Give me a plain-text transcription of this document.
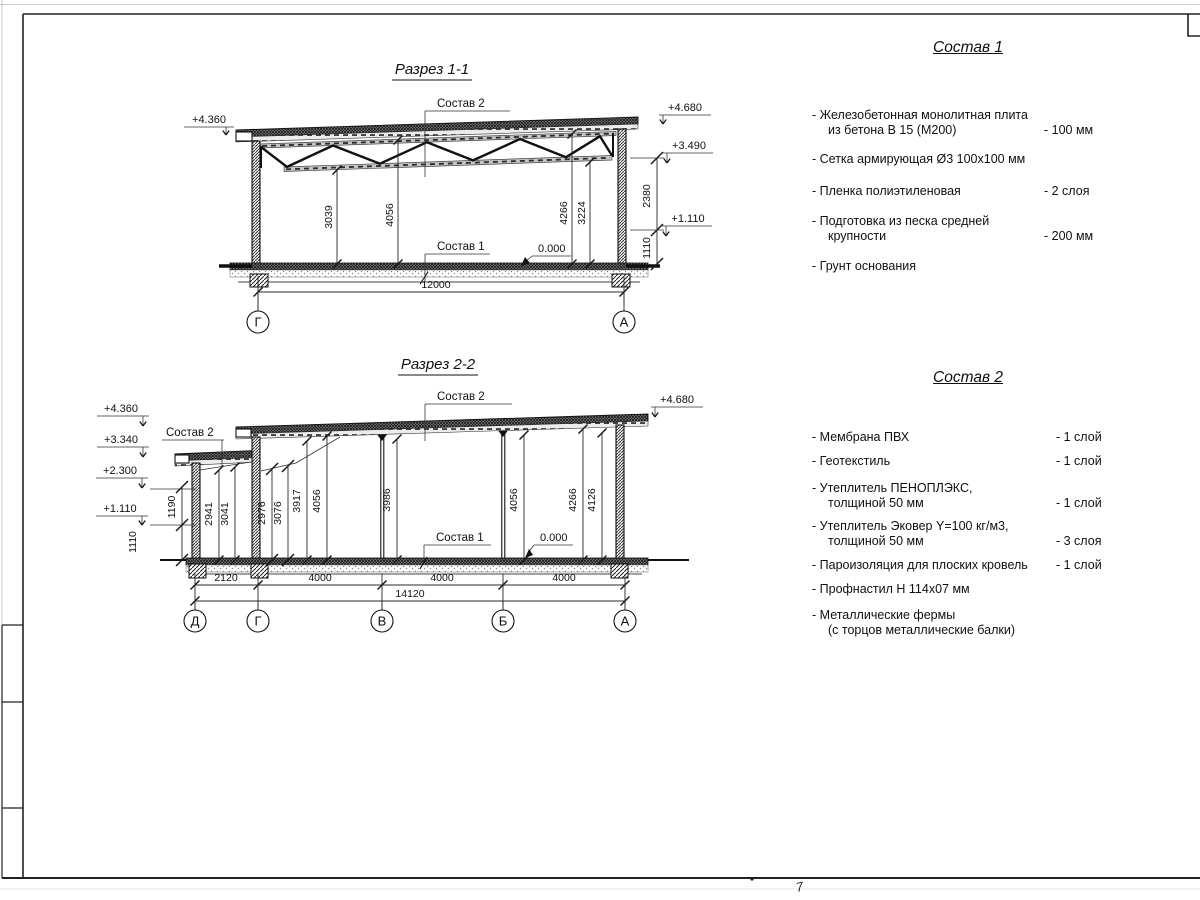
7
Разрез 1-1
Состав 2
Состав 1	0.000
Разрез 2-2
Состав 2
Состав 2
Состав 1	0.000
3039	4056	4266 3224
2380
1110
12000
1190
1110
2941 3041 2976 3076
3917 4056	3986	4056	4266 4126
2120	4000	4000	4000
14120
Г	А
Д	Г	В	Б	А
+4.360
+4.680
+3.490
+1.110
+4.360
+3.340
+2.300
+1.110
+4.680
Состав 1
- Железобетонная монолитная плита
из бетона В 15 (М200)	- 100 мм
- Сетка армирующая Ø3 100х100 мм
- Пленка полиэтиленовая	- 2 слоя
- Подготовка из песка средней
крупности	- 200 мм
- Грунт основания
Состав 2
- Мембрана ПВХ	- 1 слой
- Геотекстиль	- 1 слой
- Утеплитель ПЕНОПЛЭКС,
толщиной 50 мм	- 1 слой
- Утеплитель Эковер Y=100 кг/м3,
толщиной 50 мм	- 3 слоя
- Пароизоляция для плоских кровель	- 1 слой
- Профнастил Н 114х07 мм
- Металлические фермы
(с торцов металлические балки)
